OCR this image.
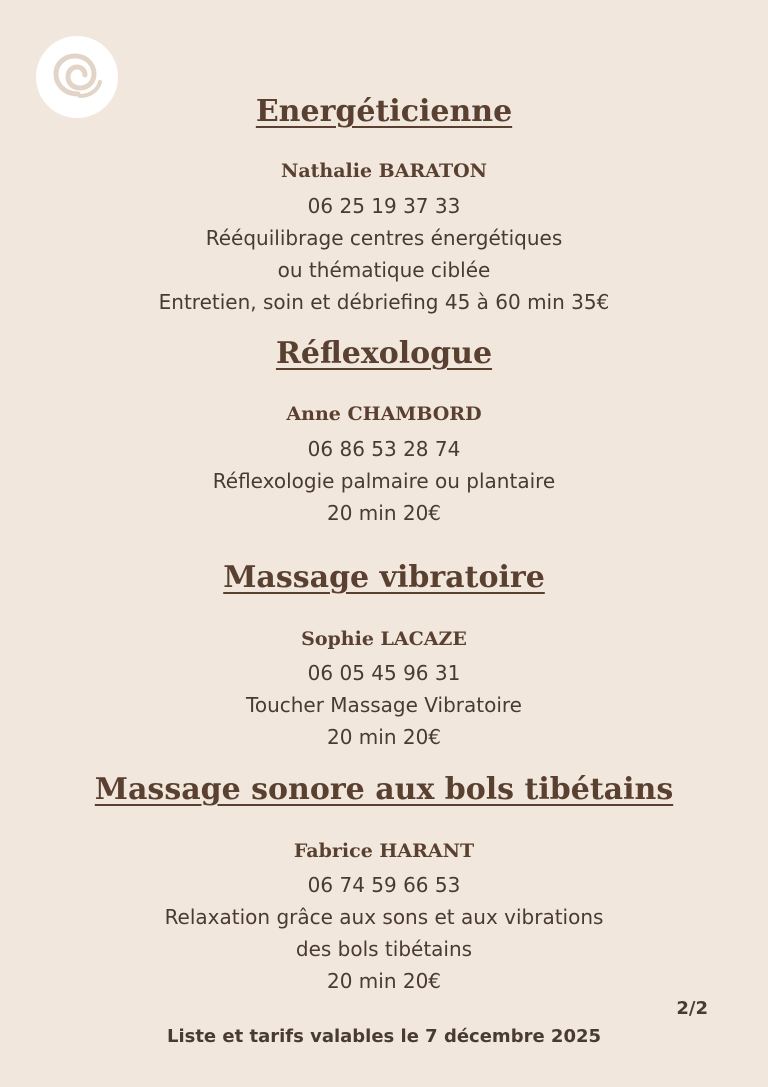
Energéticienne
Nathalie BARATON
06 25 19 37 33
Rééquilibrage centres énergétiques
ou thématique ciblée
Entretien, soin et débriefing 45 à 60 min 35€
Réflexologue
Anne CHAMBORD
06 86 53 28 74
Réflexologie palmaire ou plantaire
20 min 20€
Massage vibratoire
Sophie LACAZE
06 05 45 96 31
Toucher Massage Vibratoire
20 min 20€
Massage sonore aux bols tibétains
Fabrice HARANT
06 74 59 66 53
Relaxation grâce aux sons et aux vibrations
des bols tibétains
20 min 20€
2/2
Liste et tarifs valables le 7 décembre 2025
